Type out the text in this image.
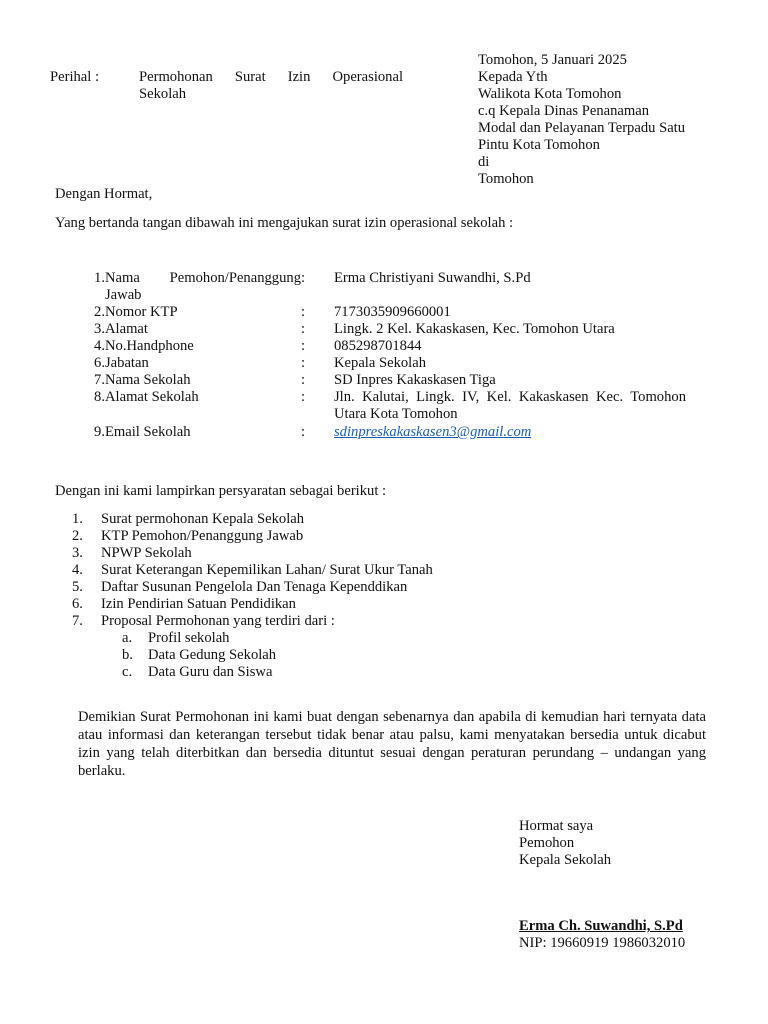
Perihal :	Permohonan Surat Izin Operasional
Sekolah
Tomohon, 5 Januari 2025
Kepada Yth
Walikota Kota Tomohon
c.q Kepala Dinas Penanaman
Modal dan Pelayanan Terpadu Satu
Pintu Kota Tomohon
di
Tomohon
Dengan Hormat,
Yang bertanda tangan dibawah ini mengajukan surat izin operasional sekolah :
1. Nama Pemohon/Penanggung
Jawab
:	Erma Christiyani Suwandhi, S.Pd
2. Nomor KTP	:	7173035909660001
3. Alamat	:	Lingk. 2 Kel. Kakaskasen, Kec. Tomohon Utara
4. No.Handphone	:	085298701844
6. Jabatan	:	Kepala Sekolah
7. Nama Sekolah	:	SD Inpres Kakaskasen Tiga
8. Alamat Sekolah	:	Jln. Kalutai, Lingk. IV, Kel. Kakaskasen Kec. Tomohon Utara Kota Tomohon
9. Email Sekolah	:	sdinpreskakaskasen3@gmail.com
Dengan ini kami lampirkan persyaratan sebagai berikut :
1.	Surat permohonan Kepala Sekolah
2.	KTP Pemohon/Penanggung Jawab
3.	NPWP Sekolah
4.	Surat Keterangan Kepemilikan Lahan/ Surat Ukur Tanah
5.	Daftar Susunan Pengelola Dan Tenaga Kependdikan
6.	Izin Pendirian Satuan Pendidikan
7.	Proposal Permohonan yang terdiri dari :
a.	Profil sekolah
b.	Data Gedung Sekolah
c.	Data Guru dan Siswa
Demikian Surat Permohonan ini kami buat dengan sebenarnya dan apabila di kemudian hari ternyata data atau informasi dan keterangan tersebut tidak benar atau palsu, kami menyatakan bersedia untuk dicabut izin yang telah diterbitkan dan bersedia dituntut sesuai dengan peraturan perundang – undangan yang berlaku.
Hormat saya
Pemohon
Kepala Sekolah
Erma Ch. Suwandhi, S.Pd
NIP: 19660919 1986032010
